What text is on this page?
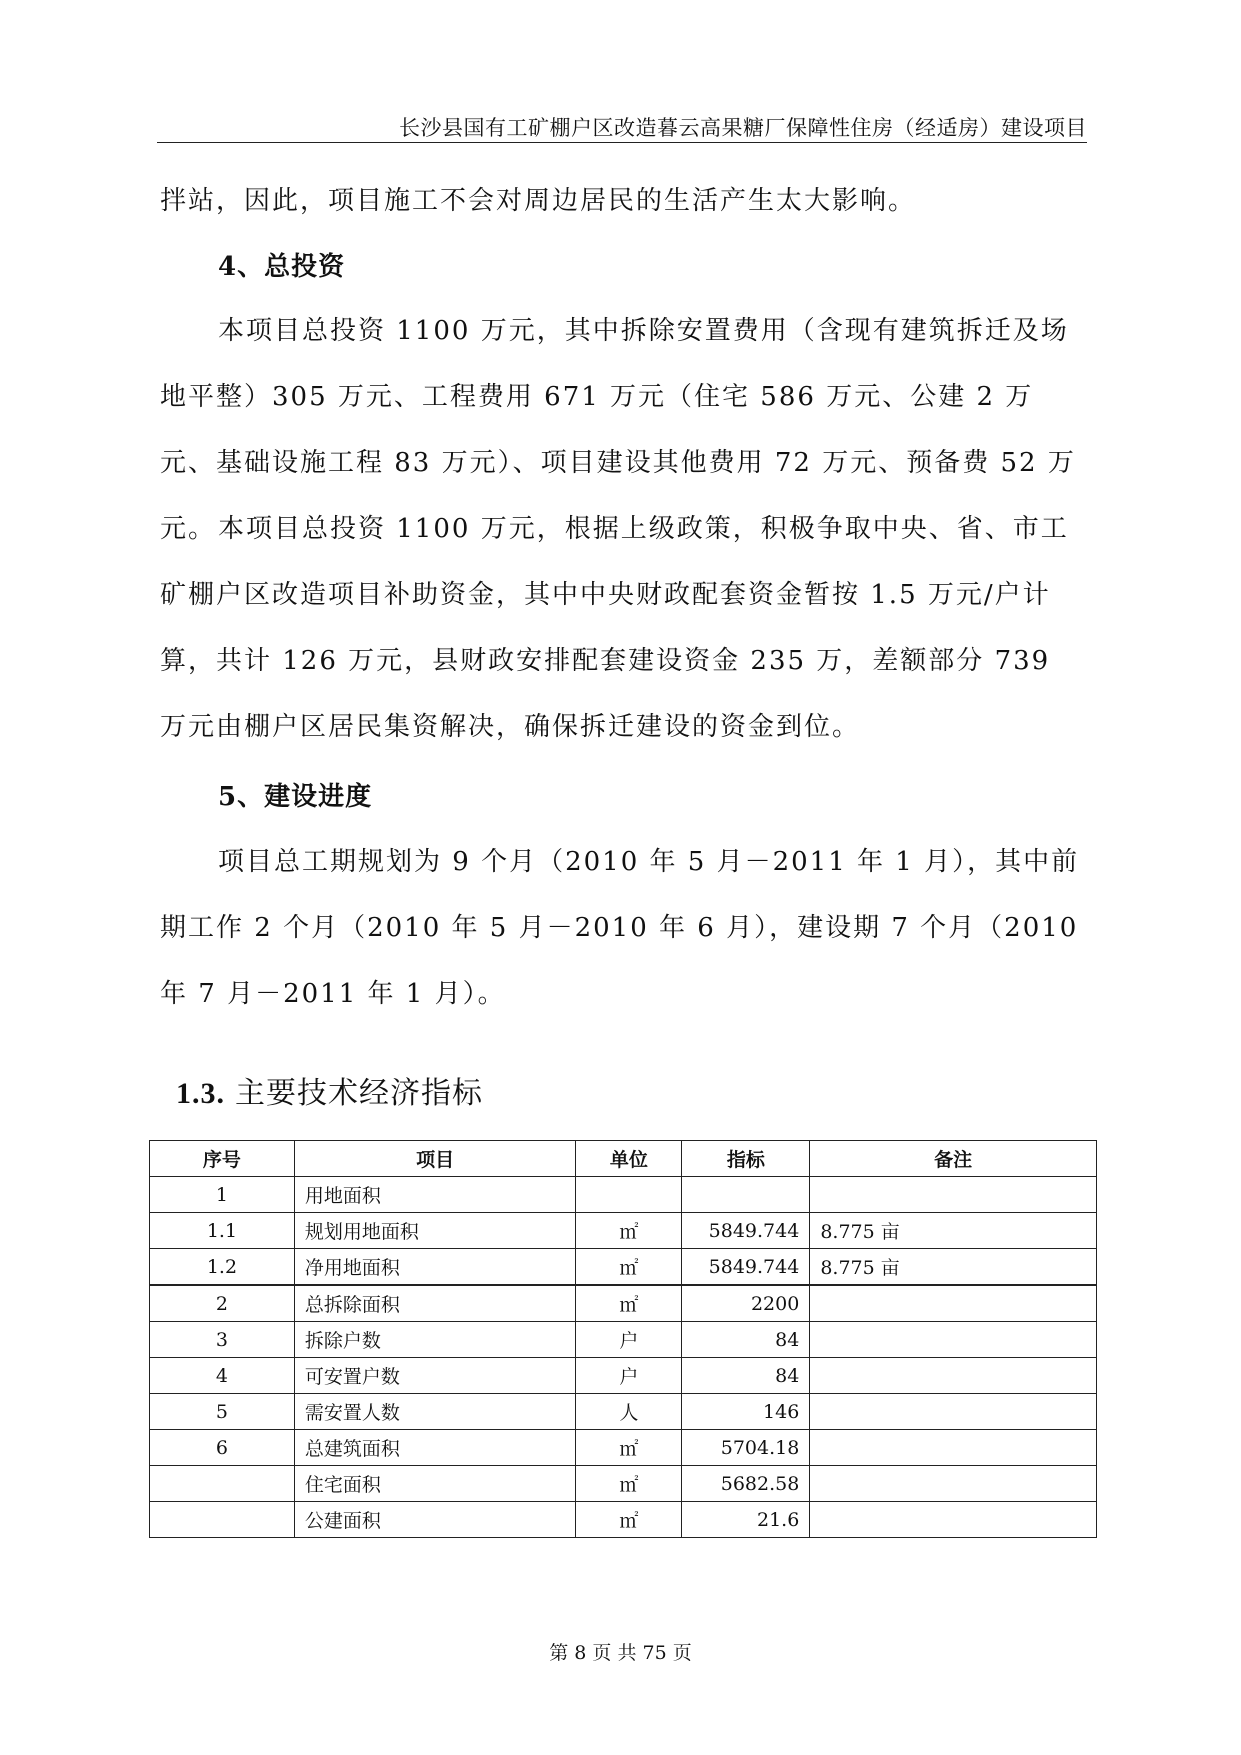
长沙县国有工矿棚户区改造暮云高果糖厂保障性住房（经适房）建设项目

拌站，因此，项目施工不会对周边居民的生活产生太大影响。

4、总投资

本项目总投资 1100 万元，其中拆除安置费用（含现有建筑拆迁及场地平整）305 万元、工程费用 671 万元（住宅 586 万元、公建 2 万元、基础设施工程 83 万元）、项目建设其他费用 72 万元、预备费 52 万元。 本项目总投资 1100 万元，根据上级政策，积极争取中央、省、市工矿棚户区改造项目补助资金，其中中央财政配套资金暂按 1.5 万元/户计算，共计 126 万元，县财政安排配套建设资金 235 万，差额部分 739 万元由棚户区居民集资解决，确保拆迁建设的资金到位。

5、建设进度

项目总工期规划为 9 个月（2010 年 5 月－2011 年 1 月），其中前期工作 2 个月（2010 年 5 月－2010 年 6 月），建设期 7 个月（2010 年 7 月－2011 年 1 月）。

1.3. 主要技术经济指标
序号	项目	单位	指标	备注
1	用地面积			
1.1	规划用地面积	㎡	5849.744	8.775 亩
1.2	净用地面积	㎡	5849.744	8.775 亩
2	总拆除面积	㎡	2200	
3	拆除户数	户	84	
4	可安置户数	户	84	
5	需安置人数	人	146	
6	总建筑面积	㎡	5704.18	
	住宅面积	㎡	5682.58	
	公建面积	㎡	21.6	
第 8 页 共 75 页
